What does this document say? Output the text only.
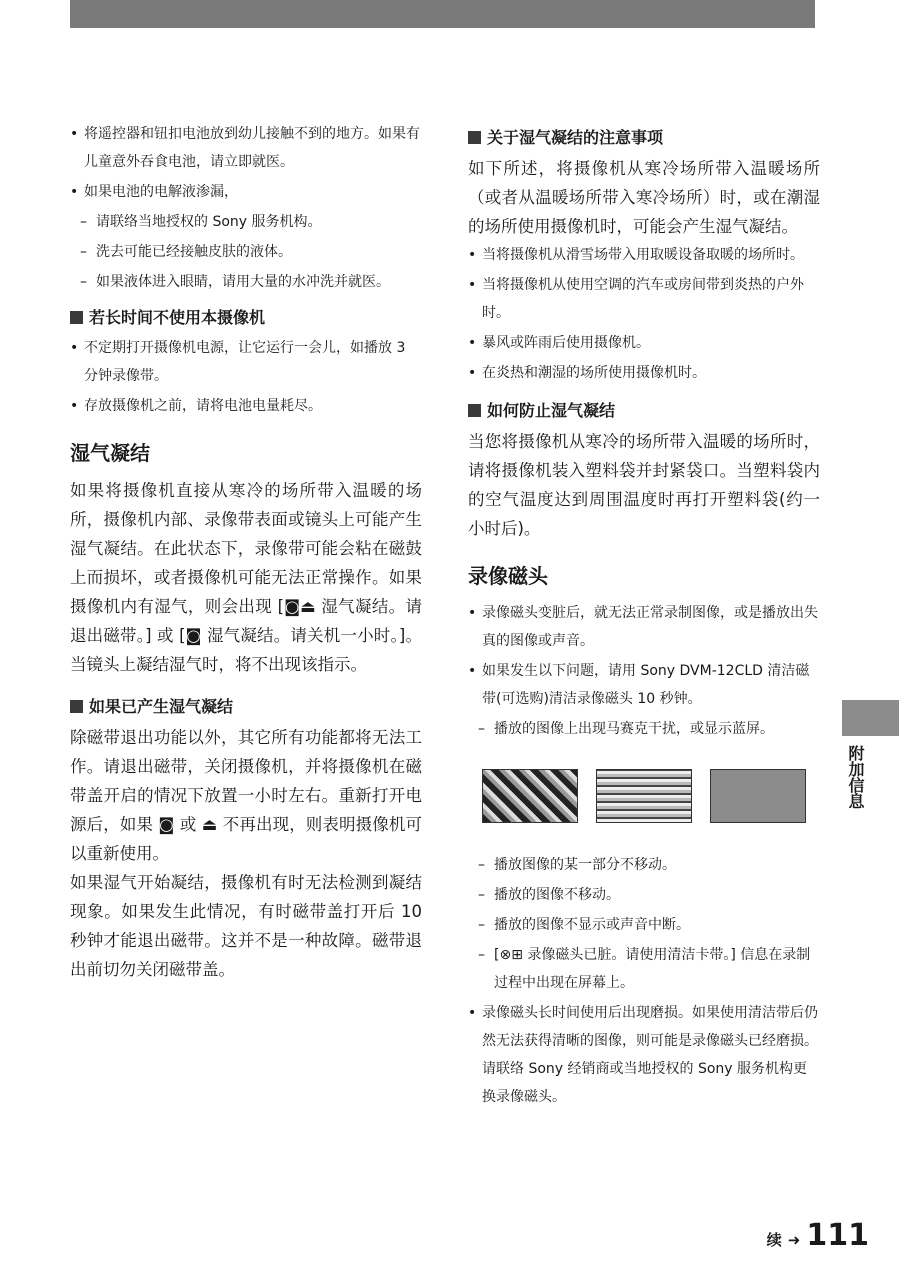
• 将遥控器和钮扣电池放到幼儿接触不到的地方。如果有儿童意外吞食电池，请立即就医。
• 如果电池的电解液渗漏，
– 请联络当地授权的 Sony 服务机构。
– 洗去可能已经接触皮肤的液体。
– 如果液体进入眼睛，请用大量的水冲洗并就医。
若长时间不使用本摄像机
• 不定期打开摄像机电源，让它运行一会儿，如播放 3 分钟录像带。
• 存放摄像机之前，请将电池电量耗尽。
湿气凝结

如果将摄像机直接从寒冷的场所带入温暖的场所，摄像机内部、录像带表面或镜头上可能产生湿气凝结。在此状态下，录像带可能会粘在磁鼓上而损坏，或者摄像机可能无法正常操作。如果摄像机内有湿气，则会出现 [◙⏏ 湿气凝结。请退出磁带。] 或 [◙ 湿气凝结。请关机一小时。]。当镜头上凝结湿气时，将不出现该指示。

如果已产生湿气凝结

除磁带退出功能以外，其它所有功能都将无法工作。请退出磁带，关闭摄像机，并将摄像机在磁带盖开启的情况下放置一小时左右。重新打开电源后，如果 ◙ 或 ⏏ 不再出现，则表明摄像机可以重新使用。

如果湿气开始凝结，摄像机有时无法检测到凝结现象。如果发生此情况，有时磁带盖打开后 10 秒钟才能退出磁带。这并不是一种故障。磁带退出前切勿关闭磁带盖。

关于湿气凝结的注意事项

如下所述，将摄像机从寒冷场所带入温暖场所（或者从温暖场所带入寒冷场所）时，或在潮湿的场所使用摄像机时，可能会产生湿气凝结。

• 当将摄像机从滑雪场带入用取暖设备取暖的场所时。
• 当将摄像机从使用空调的汽车或房间带到炎热的户外时。
• 暴风或阵雨后使用摄像机。
• 在炎热和潮湿的场所使用摄像机时。
如何防止湿气凝结

当您将摄像机从寒冷的场所带入温暖的场所时，请将摄像机装入塑料袋并封紧袋口。当塑料袋内的空气温度达到周围温度时再打开塑料袋(约一小时后)。

录像磁头
• 录像磁头变脏后，就无法正常录制图像，或是播放出失真的图像或声音。
• 如果发生以下问题，请用 Sony DVM-12CLD 清洁磁带(可选购)清洁录像磁头 10 秒钟。
– 播放的图像上出现马赛克干扰，或显示蓝屏。
– 播放图像的某一部分不移动。
– 播放的图像不移动。
– 播放的图像不显示或声音中断。
– [⊗⊞ 录像磁头已脏。请使用清洁卡带。] 信息在录制过程中出现在屏幕上。
• 录像磁头长时间使用后出现磨损。如果使用清洁带后仍然无法获得清晰的图像，则可能是录像磁头已经磨损。请联络 Sony 经销商或当地授权的 Sony 服务机构更换录像磁头。
附加信息
续 ➜ 111
